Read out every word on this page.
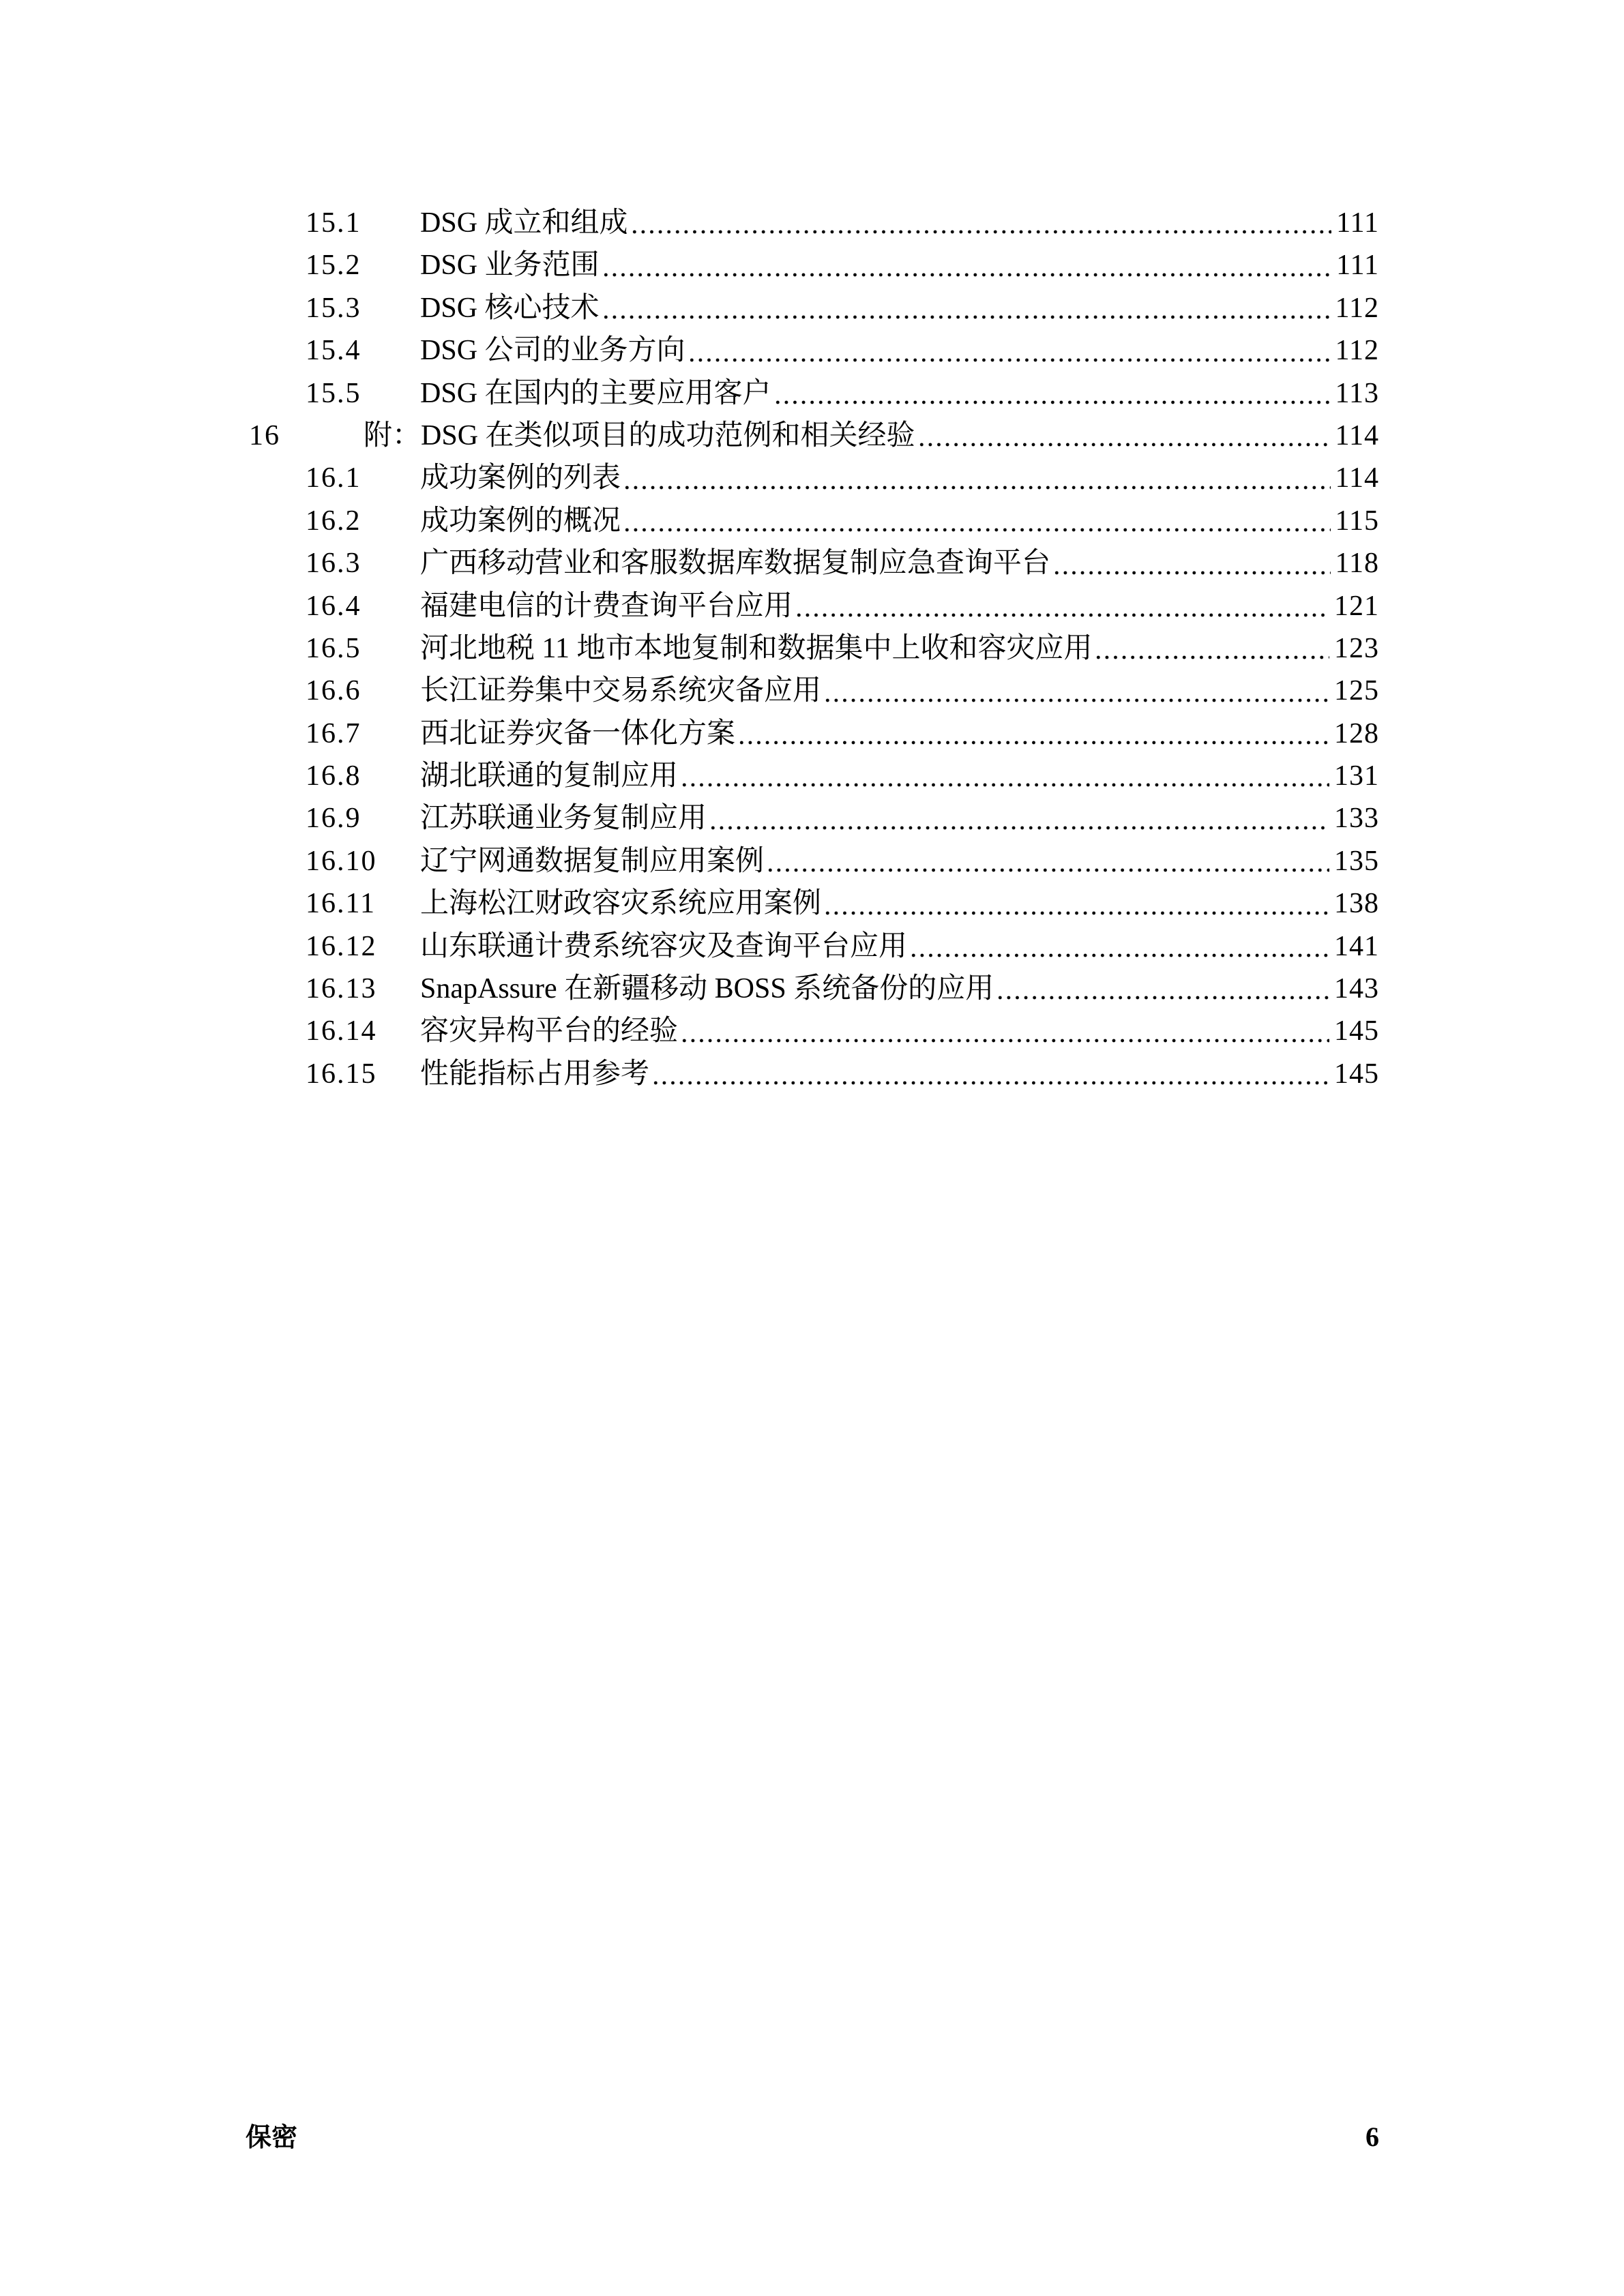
15.1	DSG 成立和组成	111
15.2	DSG 业务范围	111
15.3	DSG 核心技术	112
15.4	DSG 公司的业务方向	112
15.5	DSG 在国内的主要应用客户	113
16	附：DSG 在类似项目的成功范例和相关经验	114
16.1	成功案例的列表	114
16.2	成功案例的概况	115
16.3	广西移动营业和客服数据库数据复制应急查询平台	118
16.4	福建电信的计费查询平台应用	121
16.5	河北地税 11 地市本地复制和数据集中上收和容灾应用	123
16.6	长江证券集中交易系统灾备应用	125
16.7	西北证券灾备一体化方案	128
16.8	湖北联通的复制应用	131
16.9	江苏联通业务复制应用	133
16.10	辽宁网通数据复制应用案例	135
16.11	上海松江财政容灾系统应用案例	138
16.12	山东联通计费系统容灾及查询平台应用	141
16.13	SnapAssure 在新疆移动 BOSS 系统备份的应用	143
16.14	容灾异构平台的经验	145
16.15	性能指标占用参考	145
保密	6
